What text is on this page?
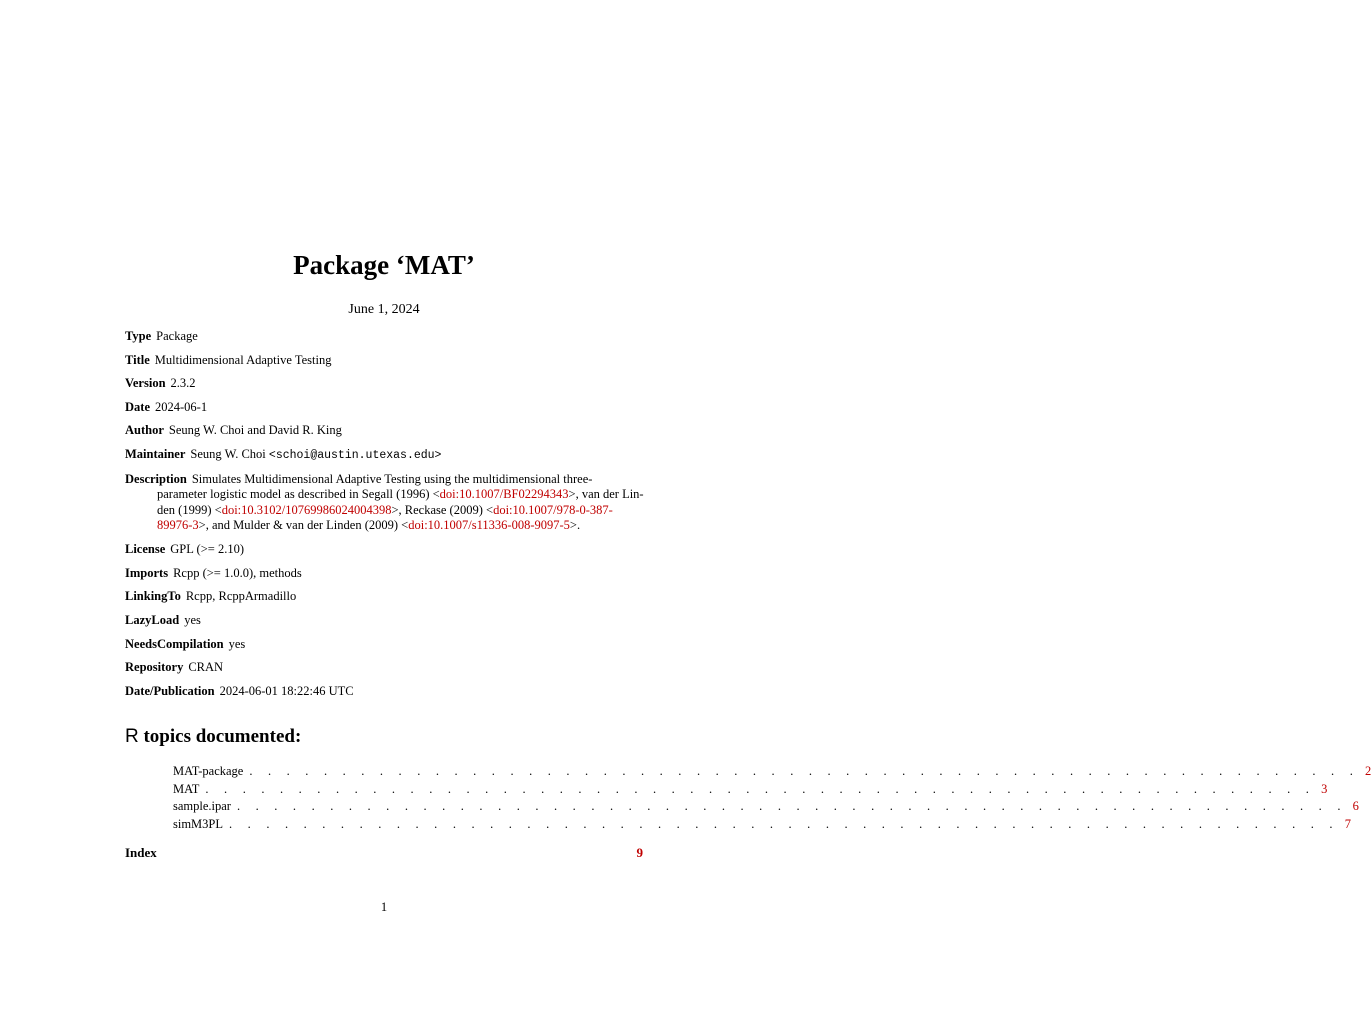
Package ‘MAT’
June 1, 2024
Type Package
Title Multidimensional Adaptive Testing
Version 2.3.2
Date 2024-06-1
Author Seung W. Choi and David R. King
Maintainer Seung W. Choi <schoi@austin.utexas.edu>
Description Simulates Multidimensional Adaptive Testing using the multidimensional three-
parameter logistic model as described in Segall (1996) <doi:10.1007/BF02294343>, van der Lin-
den (1999) <doi:10.3102/10769986024004398>, Reckase (2009) <doi:10.1007/978-0-387-
89976-3>, and Mulder & van der Linden (2009) <doi:10.1007/s11336-008-9097-5>.
License GPL (>= 2.10)
Imports Rcpp (>= 1.0.0), methods
LinkingTo Rcpp, RcppArmadillo
LazyLoad yes
NeedsCompilation yes
Repository CRAN
Date/Publication 2024-06-01 18:22:46 UTC
R topics documented:
MAT-package . . . . . . . . . . . . . . . . . . . . . . . . . . . . . . . . . . . . . . . . . . . . . . . . . . . . . . . . . . . . 2
MAT . . . . . . . . . . . . . . . . . . . . . . . . . . . . . . . . . . . . . . . . . . . . . . . . . . . . . . . . . . . . 3
sample.ipar . . . . . . . . . . . . . . . . . . . . . . . . . . . . . . . . . . . . . . . . . . . . . . . . . . . . . . . . . . . . 6
simM3PL . . . . . . . . . . . . . . . . . . . . . . . . . . . . . . . . . . . . . . . . . . . . . . . . . . . . . . . . . . . . 7
Index	9
1
